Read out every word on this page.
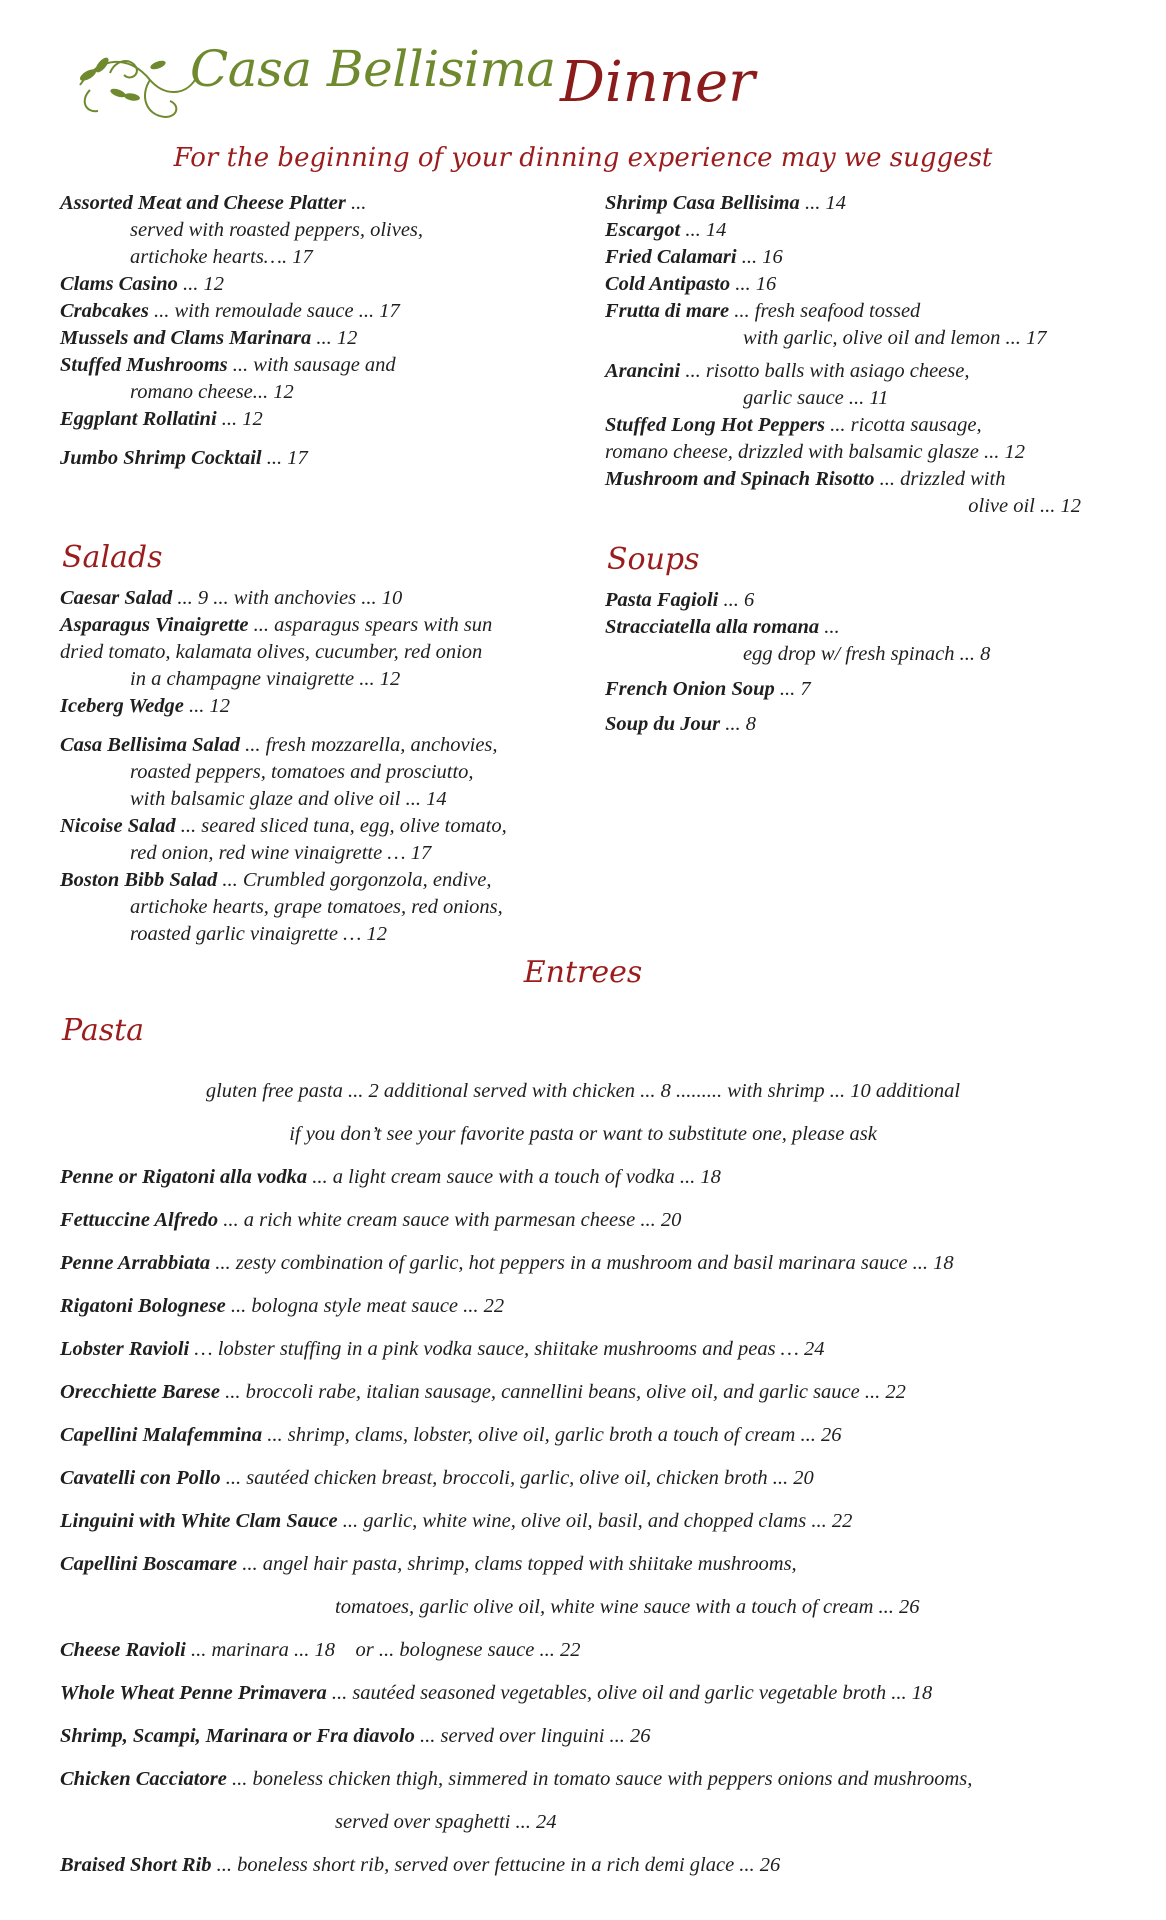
Casa Bellisima Dinner
For the beginning of your dinning experience may we suggest

Assorted Meat and Cheese Platter ...

served with roasted peppers, olives,

artichoke hearts…. 17

Clams Casino ... 12

Crabcakes ... with remoulade sauce ... 17

Mussels and Clams Marinara ... 12

Stuffed Mushrooms ... with sausage and

romano cheese... 12

Eggplant Rollatini ... 12

Jumbo Shrimp Cocktail ... 17

Shrimp Casa Bellisima ... 14

Escargot ... 14

Fried Calamari ... 16

Cold Antipasto ... 16

Frutta di mare ... fresh seafood tossed

with garlic, olive oil and lemon ... 17

Arancini ... risotto balls with asiago cheese,

garlic sauce ... 11

Stuffed Long Hot Peppers ... ricotta sausage,

romano cheese, drizzled with balsamic glasze ... 12

Mushroom and Spinach Risotto ... drizzled with

olive oil ... 12

Salads

Caesar Salad ... 9 ... with anchovies ... 10

Asparagus Vinaigrette ... asparagus spears with sun

dried tomato, kalamata olives, cucumber, red onion

in a champagne vinaigrette ... 12

Iceberg Wedge ... 12

Casa Bellisima Salad ... fresh mozzarella, anchovies,

roasted peppers, tomatoes and prosciutto,

with balsamic glaze and olive oil ... 14

Nicoise Salad ... seared sliced tuna, egg, olive tomato,

red onion, red wine vinaigrette … 17

Boston Bibb Salad ... Crumbled gorgonzola, endive,

artichoke hearts, grape tomatoes, red onions,

roasted garlic vinaigrette … 12

Soups

Pasta Fagioli ... 6

Stracciatella alla romana ...

egg drop w/ fresh spinach ... 8

French Onion Soup ... 7

Soup du Jour ... 8

Entrees
Pasta
gluten free pasta ... 2 additional served with chicken ... 8 ......... with shrimp ... 10 additional
if you don’t see your favorite pasta or want to substitute one, please ask
Penne or Rigatoni alla vodka ... a light cream sauce with a touch of vodka ... 18
Fettuccine Alfredo ... a rich white cream sauce with parmesan cheese ... 20
Penne Arrabbiata ... zesty combination of garlic, hot peppers in a mushroom and basil marinara sauce ... 18
Rigatoni Bolognese ... bologna style meat sauce ... 22
Lobster Ravioli … lobster stuffing in a pink vodka sauce, shiitake mushrooms and peas … 24
Orecchiette Barese ... broccoli rabe, italian sausage, cannellini beans, olive oil, and garlic sauce ... 22
Capellini Malafemmina ... shrimp, clams, lobster, olive oil, garlic broth a touch of cream ... 26
Cavatelli con Pollo ... sautéed chicken breast, broccoli, garlic, olive oil, chicken broth ... 20
Linguini with White Clam Sauce ... garlic, white wine, olive oil, basil, and chopped clams ... 22
Capellini Boscamare ... angel hair pasta, shrimp, clams topped with shiitake mushrooms,
tomatoes, garlic olive oil, white wine sauce with a touch of cream ... 26
Cheese Ravioli ... marinara ... 18    or ... bolognese sauce ... 22
Whole Wheat Penne Primavera ... sautéed seasoned vegetables, olive oil and garlic vegetable broth ... 18
Shrimp, Scampi, Marinara or Fra diavolo ... served over linguini ... 26
Chicken Cacciatore ... boneless chicken thigh, simmered in tomato sauce with peppers onions and mushrooms,
served over spaghetti ... 24
Braised Short Rib ... boneless short rib, served over fettucine in a rich demi glace ... 26
